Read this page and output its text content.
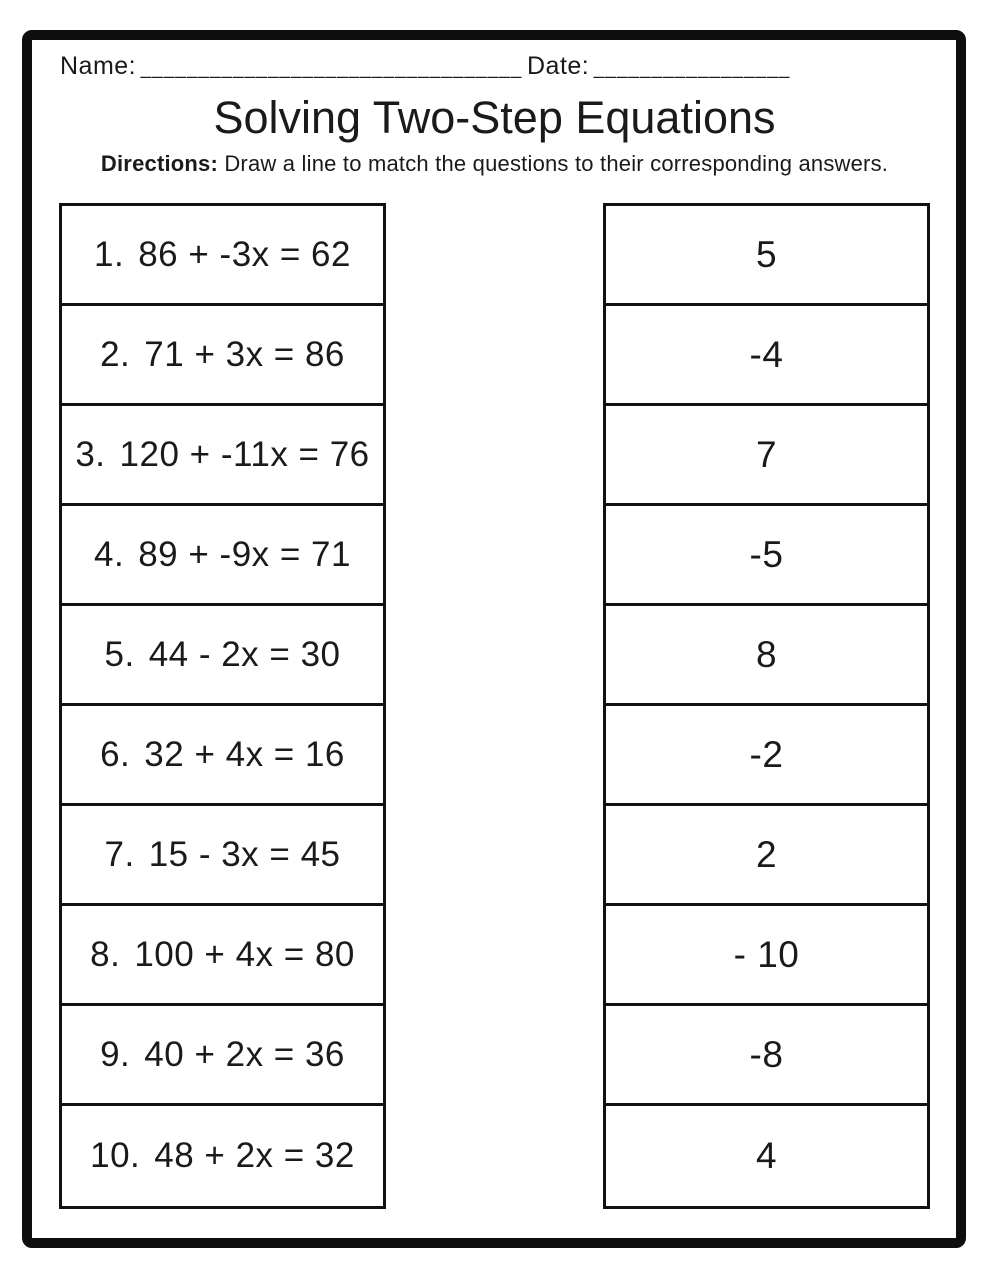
Name: _________________________________ Date: _________________
Solving Two-Step Equations
Directions: Draw a line to match the questions to their corresponding answers.
1. 86 + -3x = 62
2. 71 + 3x = 86
3. 120 + -11x = 76
4. 89 + -9x = 71
5. 44 - 2x = 30
6. 32 + 4x = 16
7. 15 - 3x = 45
8. 100 + 4x = 80
9. 40 + 2x = 36
10. 48 + 2x = 32
5
-4
7
-5
8
-2
2
- 10
-8
4
